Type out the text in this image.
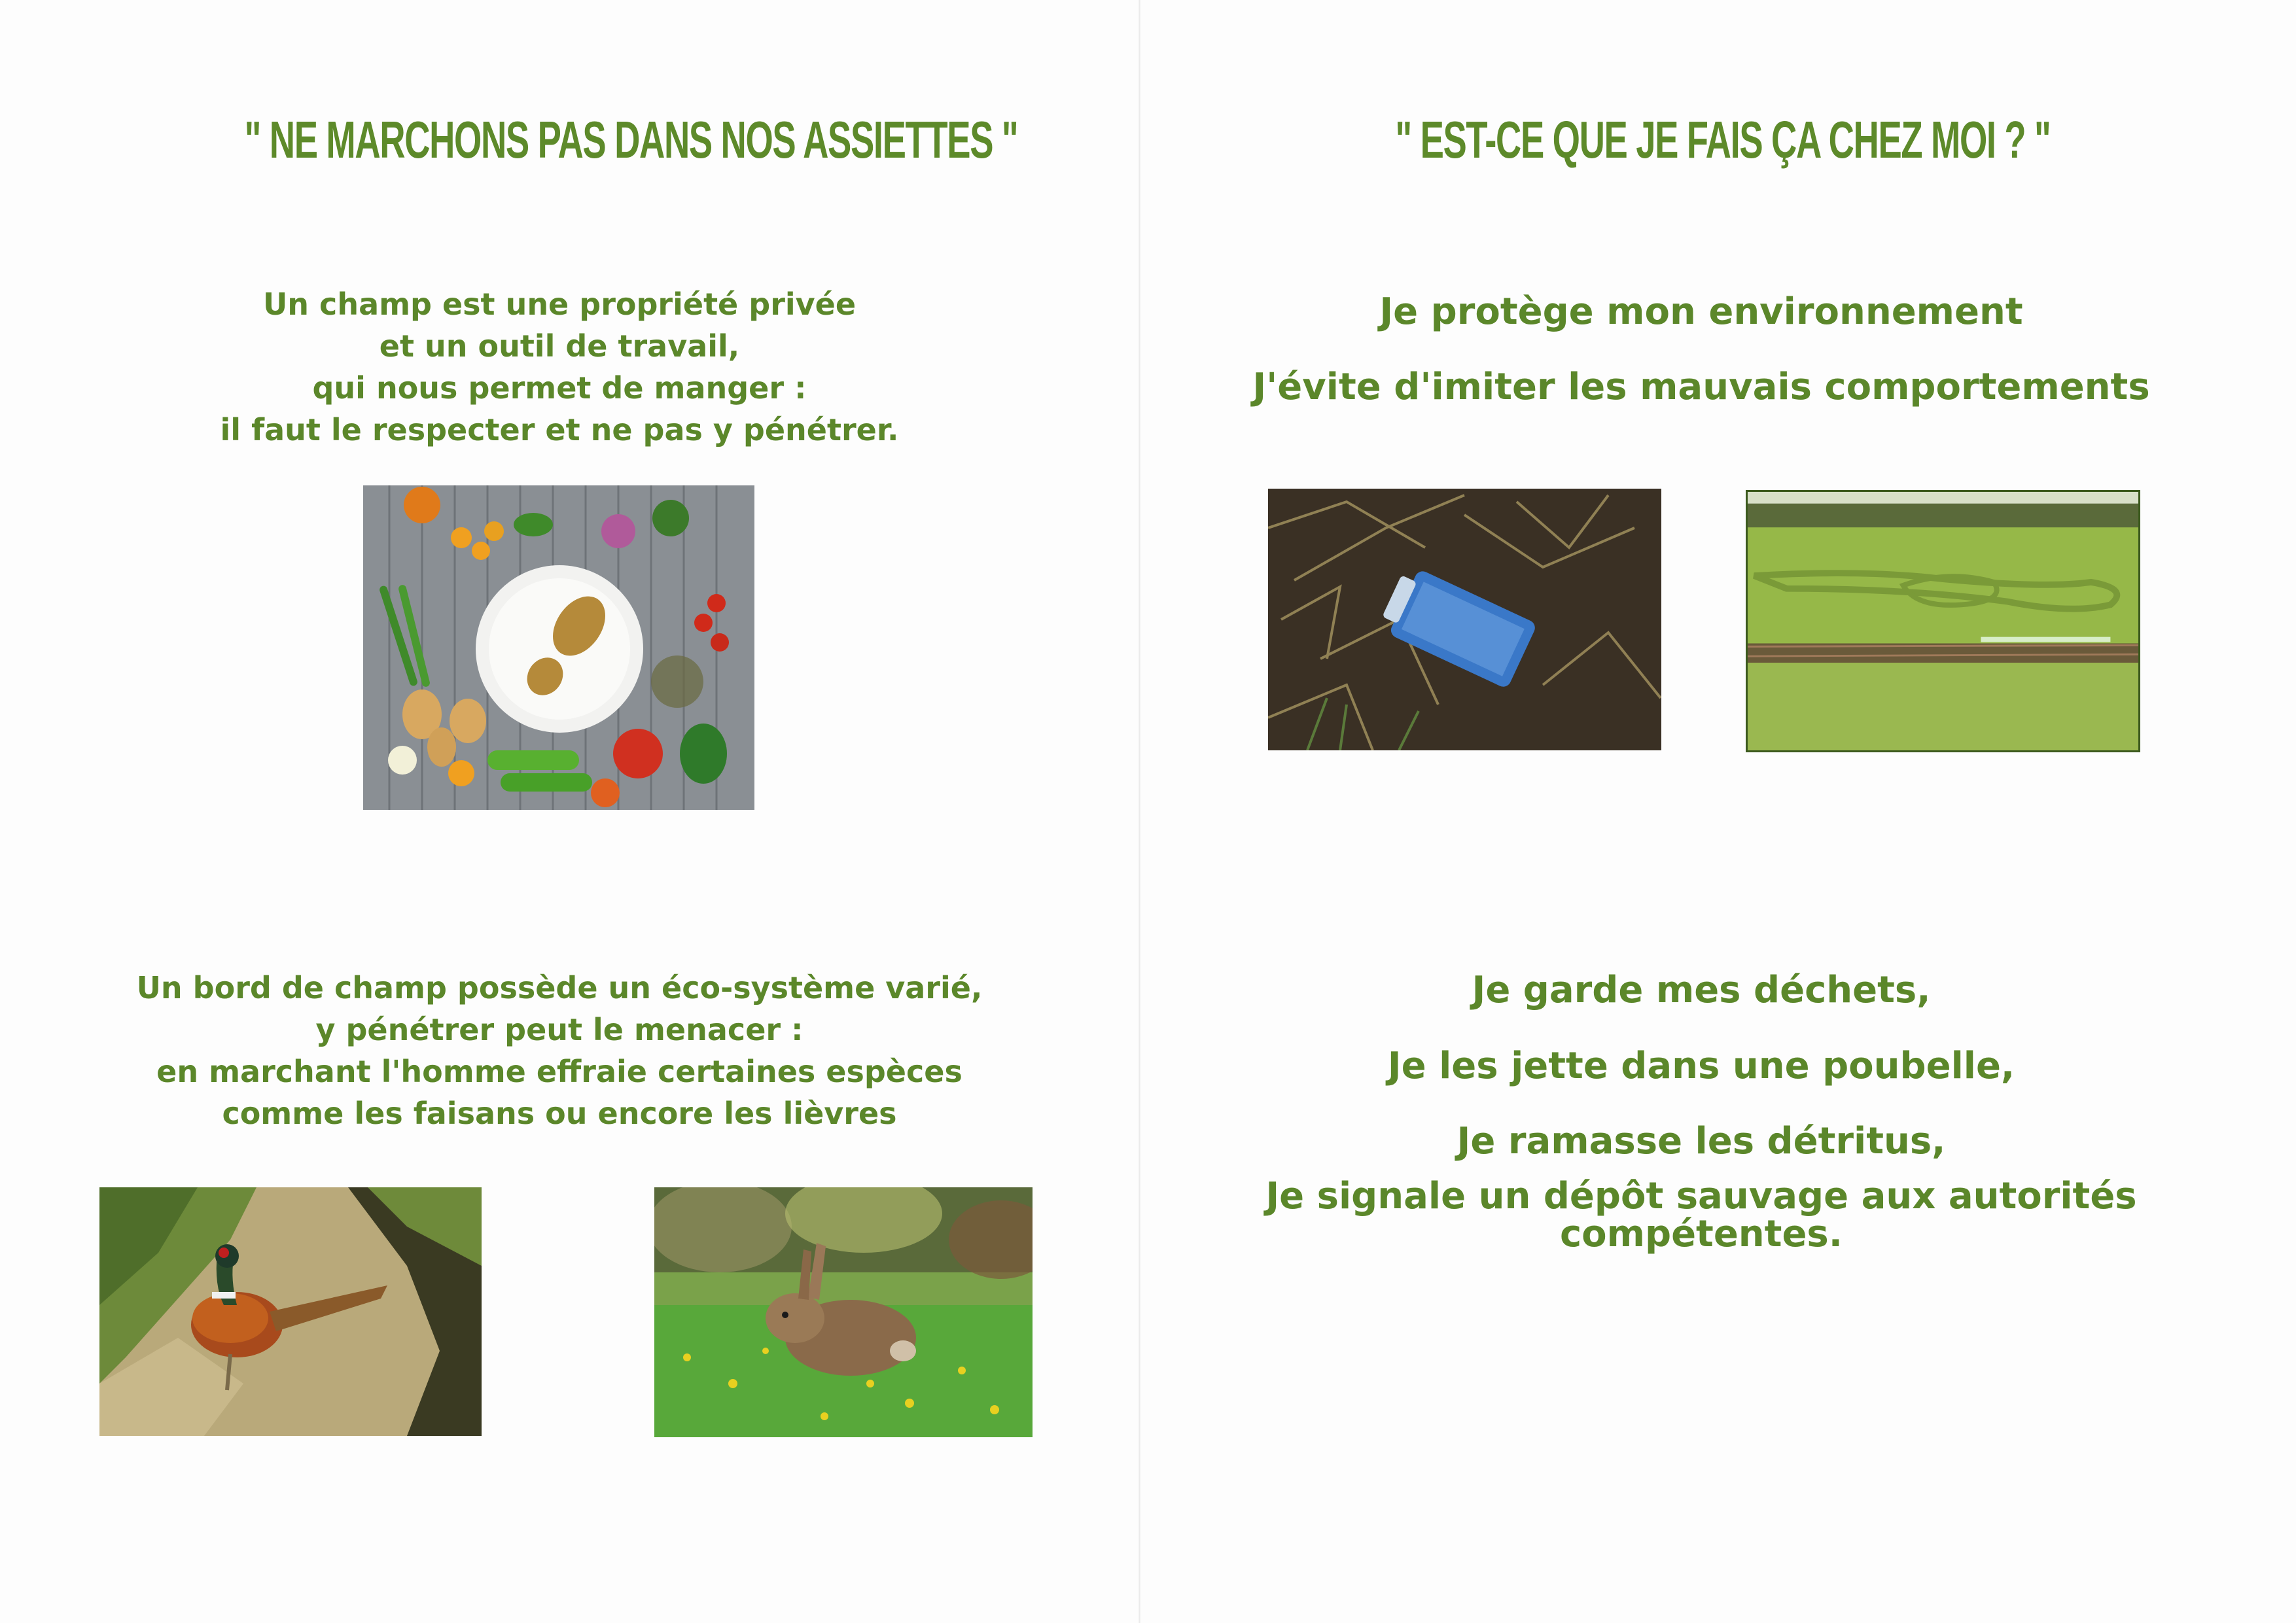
" NE MARCHONS PAS DANS NOS ASSIETTES "
Un champ est une propriété privée
et un outil de travail,
qui nous permet de manger :
il faut le respecter et ne pas y pénétrer.
Un bord de champ possède un éco-système varié,
y pénétrer peut le menacer :
en marchant l'homme effraie certaines espèces
comme les faisans ou encore les lièvres
" EST-CE QUE JE FAIS ÇA CHEZ MOI ? "
Je protège mon environnement
J'évite d'imiter les mauvais comportements
Je garde mes déchets,
Je les jette dans une poubelle,
Je ramasse les détritus,
Je signale un dépôt sauvage aux autorités
compétentes.
